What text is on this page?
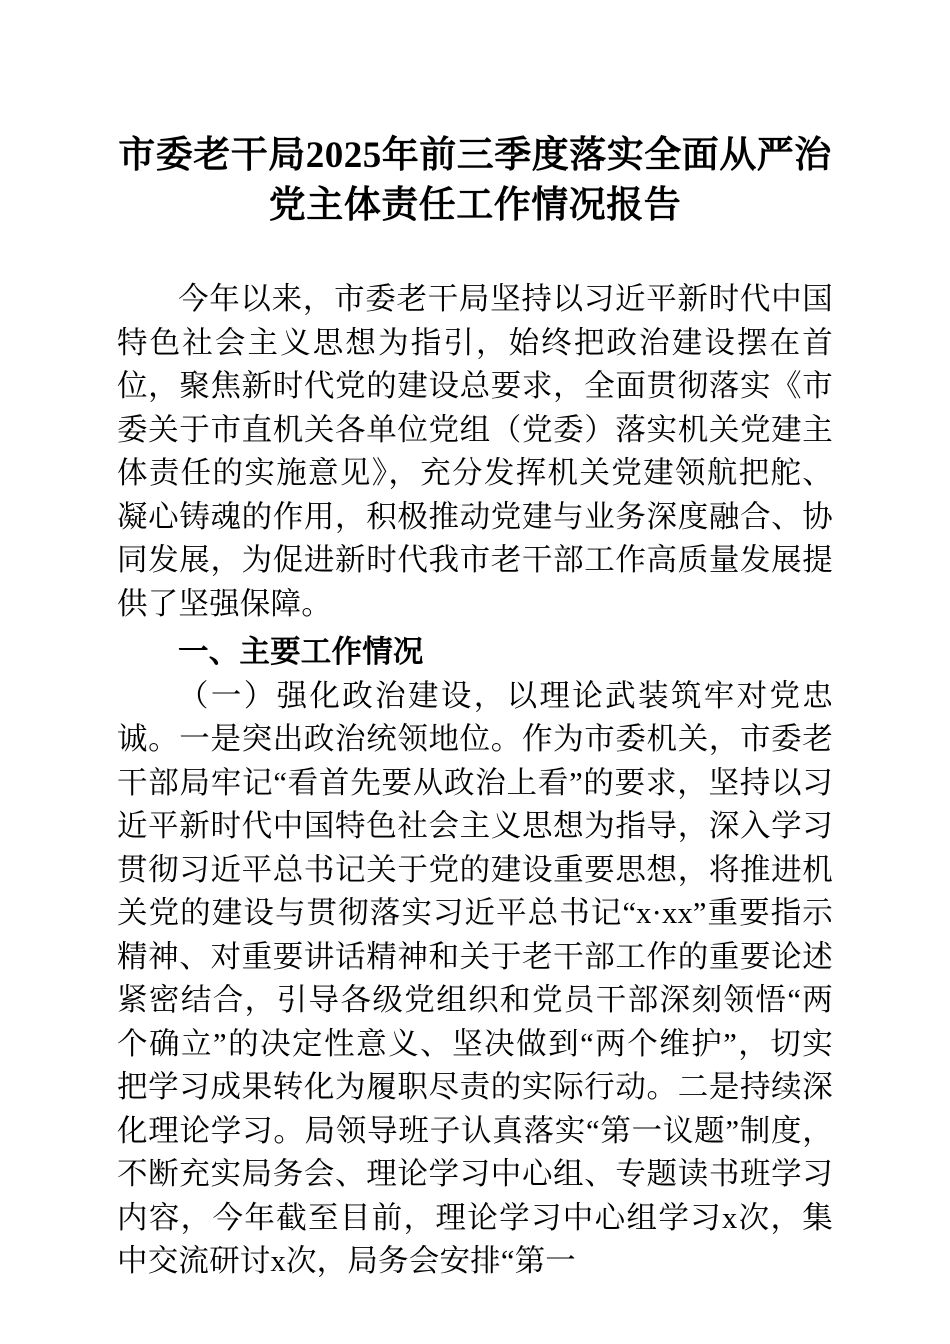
市委老干局2025年前三季度落实全面从严治党主体责任工作情况报告

今年以来，市委老干局坚持以习近平新时代中国特色社会主义思想为指引，始终把政治建设摆在首位，聚焦新时代党的建设总要求，全面贯彻落实《市委关于市直机关各单位党组（党委）落实机关党建主体责任的实施意见》，充分发挥机关党建领航把舵、凝心铸魂的作用，积极推动党建与业务深度融合、协同发展，为促进新时代我市老干部工作高质量发展提供了坚强保障。

一、主要工作情况

（一）强化政治建设，以理论武装筑牢对党忠诚。一是突出政治统领地位。作为市委机关，市委老干部局牢记“看首先要从政治上看”的要求，坚持以习近平新时代中国特色社会主义思想为指导，深入学习贯彻习近平总书记关于党的建设重要思想，将推进机关党的建设与贯彻落实习近平总书记“x·xx”重要指示精神、对重要讲话精神和关于老干部工作的重要论述紧密结合，引导各级党组织和党员干部深刻领悟“两个确立”的决定性意义、坚决做到“两个维护”，切实把学习成果转化为履职尽责的实际行动。二是持续深化理论学习。局领导班子认真落实“第一议题”制度，不断充实局务会、理论学习中心组、专题读书班学习内容，今年截至目前，理论学习中心组学习x次，集中交流研讨x次，局务会安排“第一
